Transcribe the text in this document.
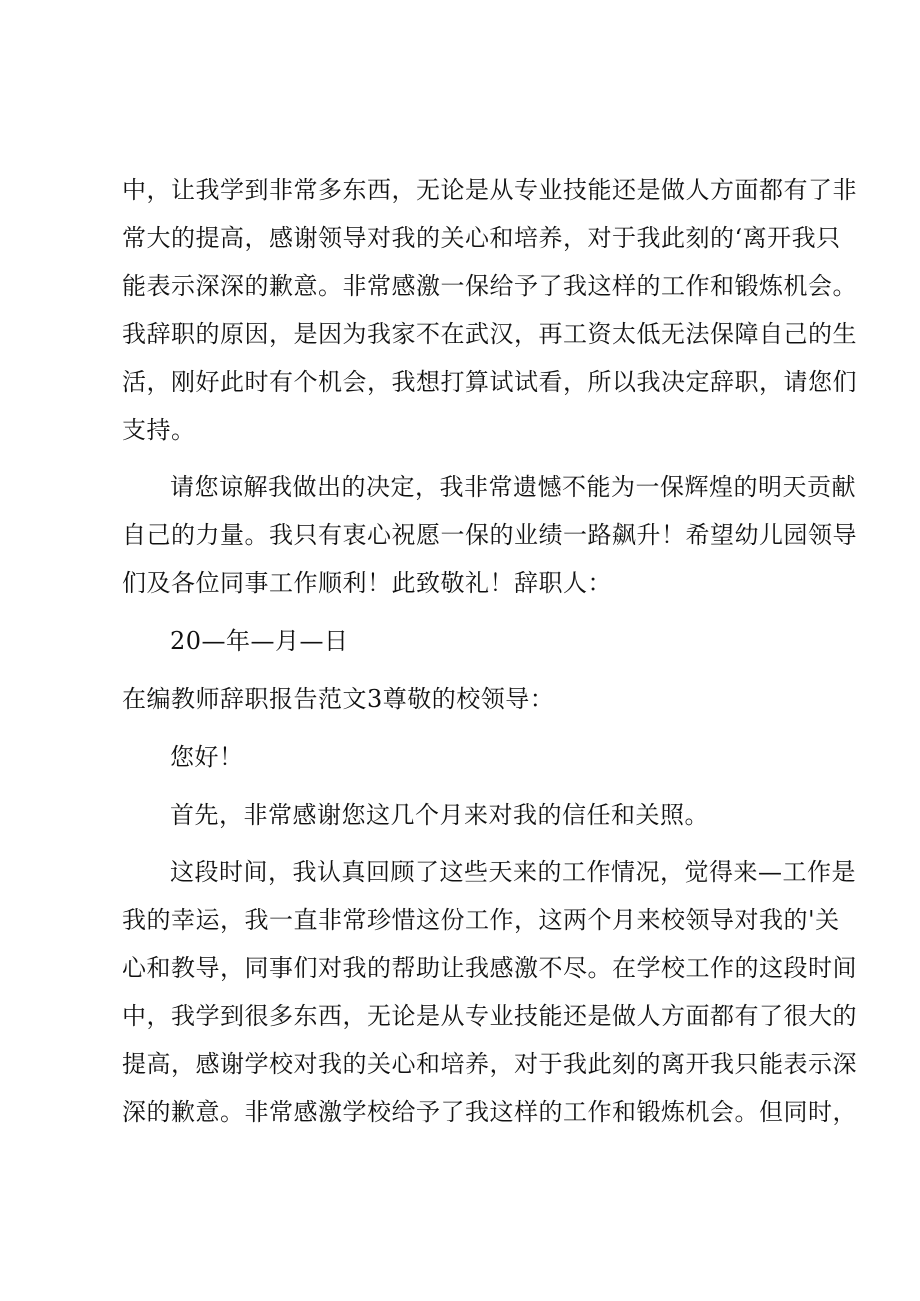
中 ， 让 我 学 到 非 常 多 东 西 ， 无 论 是 从 专 业 技 能 还 是 做 人 方 面 都 有 了 非
常 大 的 提 高 ， 感 谢 领 导 对 我 的 关 心 和 培 养 ， 对 于 我 此 刻 的 ‘ 离 开 我 只
能 表 示 深 深 的 歉 意 。 非 常 感 激 一 保 给 予 了 我 这 样 的 工 作 和 锻 炼 机 会 。
我 辞 职 的 原 因 ， 是 因 为 我 家 不 在 武 汉 ， 再 工 资 太 低 无 法 保 障 自 己 的 生
活 ， 刚 好 此 时 有 个 机 会 ， 我 想 打 算 试 试 看 ， 所 以 我 决 定 辞 职 ， 请 您 们
支持。
请您谅解我做出的决定，我非常遗憾不能为一保辉煌的明天贡献
自 己 的 力 量 。 我 只 有 衷 心 祝 愿 一 保 的 业 绩 一 路 飙 升 ！ 希 望 幼 儿 园 领 导
们及各位同事工作顺利！此致敬礼！辞职人：
20—年—月—日
在编教师辞职报告范文3尊敬的校领导：
您好！
首先，非常感谢您这几个月来对我的信任和关照。
这段时间，我认真回顾了这些天来的工作情况，觉得来—工作是
我 的 幸 运 ， 我 一 直 非 常 珍 惜 这 份 工 作 ， 这 两 个 月 来 校 领 导 对 我 的 ' 关
心 和 教 导 ， 同 事 们 对 我 的 帮 助 让 我 感 激 不 尽 。 在 学 校 工 作 的 这 段 时 间
中 ， 我 学 到 很 多 东 西 ， 无 论 是 从 专 业 技 能 还 是 做 人 方 面 都 有 了 很 大 的
提 高 ， 感 谢 学 校 对 我 的 关 心 和 培 养 ， 对 于 我 此 刻 的 离 开 我 只 能 表 示 深
深 的 歉 意 。 非 常 感 激 学 校 给 予 了 我 这 样 的 工 作 和 锻 炼 机 会 。 但 同 时 ，
